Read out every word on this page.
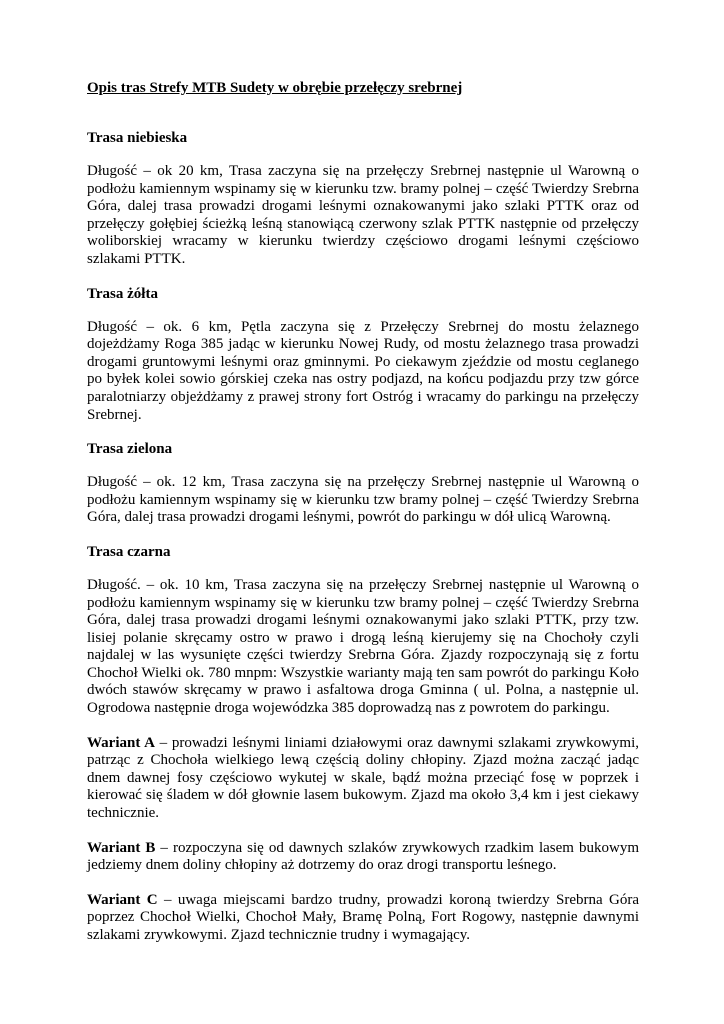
Opis tras Strefy MTB Sudety w obrębie przełęczy srebrnej
Trasa niebieska
Długość – ok 20 km, Trasa zaczyna się na przełęczy Srebrnej następnie ul Warowną o podłożu kamiennym wspinamy się w kierunku tzw. bramy polnej – część Twierdzy Srebrna Góra, dalej trasa prowadzi drogami leśnymi oznakowanymi jako szlaki PTTK oraz od przełęczy gołębiej ścieżką leśną stanowiącą czerwony szlak PTTK następnie od przełęczy woliborskiej wracamy w kierunku twierdzy częściowo drogami leśnymi częściowo szlakami PTTK.
Trasa żółta
Długość – ok. 6 km, Pętla zaczyna się z Przełęczy Srebrnej do mostu żelaznego dojeżdżamy Roga 385 jadąc w kierunku Nowej Rudy, od mostu żelaznego trasa prowadzi drogami gruntowymi leśnymi oraz gminnymi. Po ciekawym zjeździe od mostu ceglanego po byłek kolei sowio górskiej czeka nas ostry podjazd, na końcu podjazdu przy tzw górce paralotniarzy objeżdżamy z prawej strony fort Ostróg i wracamy do parkingu na przełęczy Srebrnej.
Trasa zielona
Długość – ok. 12 km, Trasa zaczyna się na przełęczy Srebrnej następnie ul Warowną o podłożu kamiennym wspinamy się w kierunku tzw bramy polnej – część Twierdzy Srebrna Góra, dalej trasa prowadzi drogami leśnymi, powrót do parkingu w dół ulicą Warowną.
Trasa czarna
Długość. – ok. 10 km, Trasa zaczyna się na przełęczy Srebrnej następnie ul Warowną o podłożu kamiennym wspinamy się w kierunku tzw bramy polnej – część Twierdzy Srebrna Góra, dalej trasa prowadzi drogami leśnymi oznakowanymi jako szlaki PTTK, przy tzw. lisiej polanie skręcamy ostro w prawo i drogą leśną kierujemy się na Chochoły czyli najdalej w las wysunięte części twierdzy Srebrna Góra. Zjazdy rozpoczynają się z fortu Chochoł Wielki ok. 780 mnpm: Wszystkie warianty mają ten sam powrót do parkingu Koło dwóch stawów skręcamy w prawo i asfaltowa droga Gminna ( ul. Polna, a następnie ul. Ogrodowa następnie droga wojewódzka 385 doprowadzą nas z powrotem do parkingu.
Wariant A – prowadzi leśnymi liniami działowymi oraz dawnymi szlakami zrywkowymi, patrząc z Chochoła wielkiego lewą częścią doliny chłopiny. Zjazd można zacząć jadąc dnem dawnej fosy częściowo wykutej w skale, bądź można przeciąć fosę w poprzek i kierować się śladem w dół głownie lasem bukowym. Zjazd ma około 3,4 km i jest ciekawy technicznie.
Wariant B – rozpoczyna się od dawnych szlaków zrywkowych rzadkim lasem bukowym jedziemy dnem doliny chłopiny aż dotrzemy do oraz drogi transportu leśnego.
Wariant C – uwaga miejscami bardzo trudny, prowadzi koroną twierdzy Srebrna Góra poprzez Chochoł Wielki, Chochoł Mały, Bramę Polną, Fort Rogowy, następnie dawnymi szlakami zrywkowymi. Zjazd technicznie trudny i wymagający.
